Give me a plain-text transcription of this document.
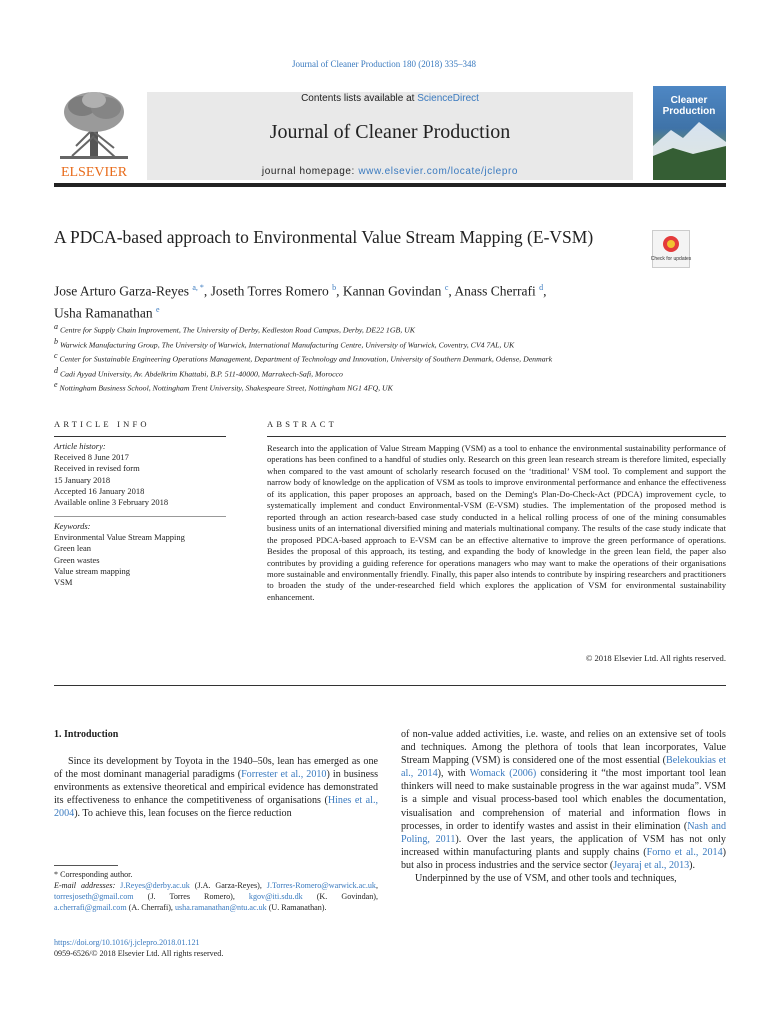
Journal of Cleaner Production 180 (2018) 335–348
ELSEVIER
Contents lists available at ScienceDirect
Journal of Cleaner Production
journal homepage: www.elsevier.com/locate/jclepro
Cleaner Production
A PDCA-based approach to Environmental Value Stream Mapping (E-VSM)
Check for updates
Jose Arturo Garza-Reyes $^{a, *}$, Joseth Torres Romero $^b$, Kannan Govindan $^c$, Anass Cherrafi $^d$,
Usha Ramanathan $^e$
$^a$ Centre for Supply Chain Improvement, The University of Derby, Kedleston Road Campus, Derby, DE22 1GB, UK
$^b$ Warwick Manufacturing Group, The University of Warwick, International Manufacturing Centre, University of Warwick, Coventry, CV4 7AL, UK
$^c$ Center for Sustainable Engineering Operations Management, Department of Technology and Innovation, University of Southern Denmark, Odense, Denmark
$^d$ Cadi Ayyad University, Av. Abdelkrim Khattabi, B.P. 511-40000, Marrakech-Safi, Morocco
$^e$ Nottingham Business School, Nottingham Trent University, Shakespeare Street, Nottingham NG1 4FQ, UK
ARTICLE INFO
Article history:
Received 8 June 2017
Received in revised form
15 January 2018
Accepted 16 January 2018
Available online 3 February 2018
Keywords:
Environmental Value Stream Mapping
Green lean
Green wastes
Value stream mapping
VSM
ABSTRACT
Research into the application of Value Stream Mapping (VSM) as a tool to enhance the environmental sustainability performance of operations has been confined to a handful of studies only. Research on this green lean research stream is therefore limited, especially when compared to the vast amount of scholarly research focused on the ‘traditional’ VSM tool. To complement and support the narrow body of knowledge on the application of VSM as tools to improve environmental performance and enhance the effectiveness of its application, this paper proposes an approach, based on the Deming's Plan-Do-Check-Act (PDCA) improvement cycle, to systematically implement and conduct Environmental-VSM (E-VSM) studies. The implementation of the proposed method is reported through an action research-based case study conducted in a helical rolling process of one of the mining consumables business units of an international diversified mining and materials multinational company. The results of the case study indicate that the proposed PDCA-based approach to E-VSM can be an effective alternative to improve the green performance of operations. Besides the proposal of this approach, its testing, and expanding the body of knowledge in the green lean field, the paper also contributes by providing a guiding reference for operations managers who may want to make the operations of their organisations more sustainable and environmentally friendly. Finally, this paper also intends to contribute by inspiring researchers and practitioners to broaden the study of the under-researched field which explores the application of VSM for environmental sustainability enhancement.
© 2018 Elsevier Ltd. All rights reserved.
1. Introduction
Since its development by Toyota in the 1940–50s, lean has emerged as one of the most dominant managerial paradigms (Forrester et al., 2010) in business environments as extensive theoretical and empirical evidence has demonstrated its effectiveness to enhance the competitiveness of organisations (Hines et al., 2004). To achieve this, lean focuses on the fierce reduction
of non-value added activities, i.e. waste, and relies on an extensive set of tools and techniques. Among the plethora of tools that lean incorporates, Value Stream Mapping (VSM) is considered one of the most essential (Belekoukias et al., 2014), with Womack (2006) considering it “the most important tool lean thinkers will need to make sustainable progress in the war against muda”. VSM is a simple and visual process-based tool which enables the documentation, visualisation and comprehension of material and information flows in processes, in order to identify wastes and assist in their elimination (Nash and Poling, 2011). Over the last years, the application of VSM has not only increased within manufacturing plants and supply chains (Forno et al., 2014) but also in process industries and the service sector (Jeyaraj et al., 2013).
Underpinned by the use of VSM, and other tools and techniques,
* Corresponding author.
E-mail addresses: J.Reyes@derby.ac.uk (J.A. Garza-Reyes), J.Torres-Romero@warwick.ac.uk, torresjoseth@gmail.com (J. Torres Romero), kgov@iti.sdu.dk (K. Govindan), a.cherrafi@gmail.com (A. Cherrafi), usha.ramanathan@ntu.ac.uk (U. Ramanathan).
https://doi.org/10.1016/j.jclepro.2018.01.121
0959-6526/© 2018 Elsevier Ltd. All rights reserved.
